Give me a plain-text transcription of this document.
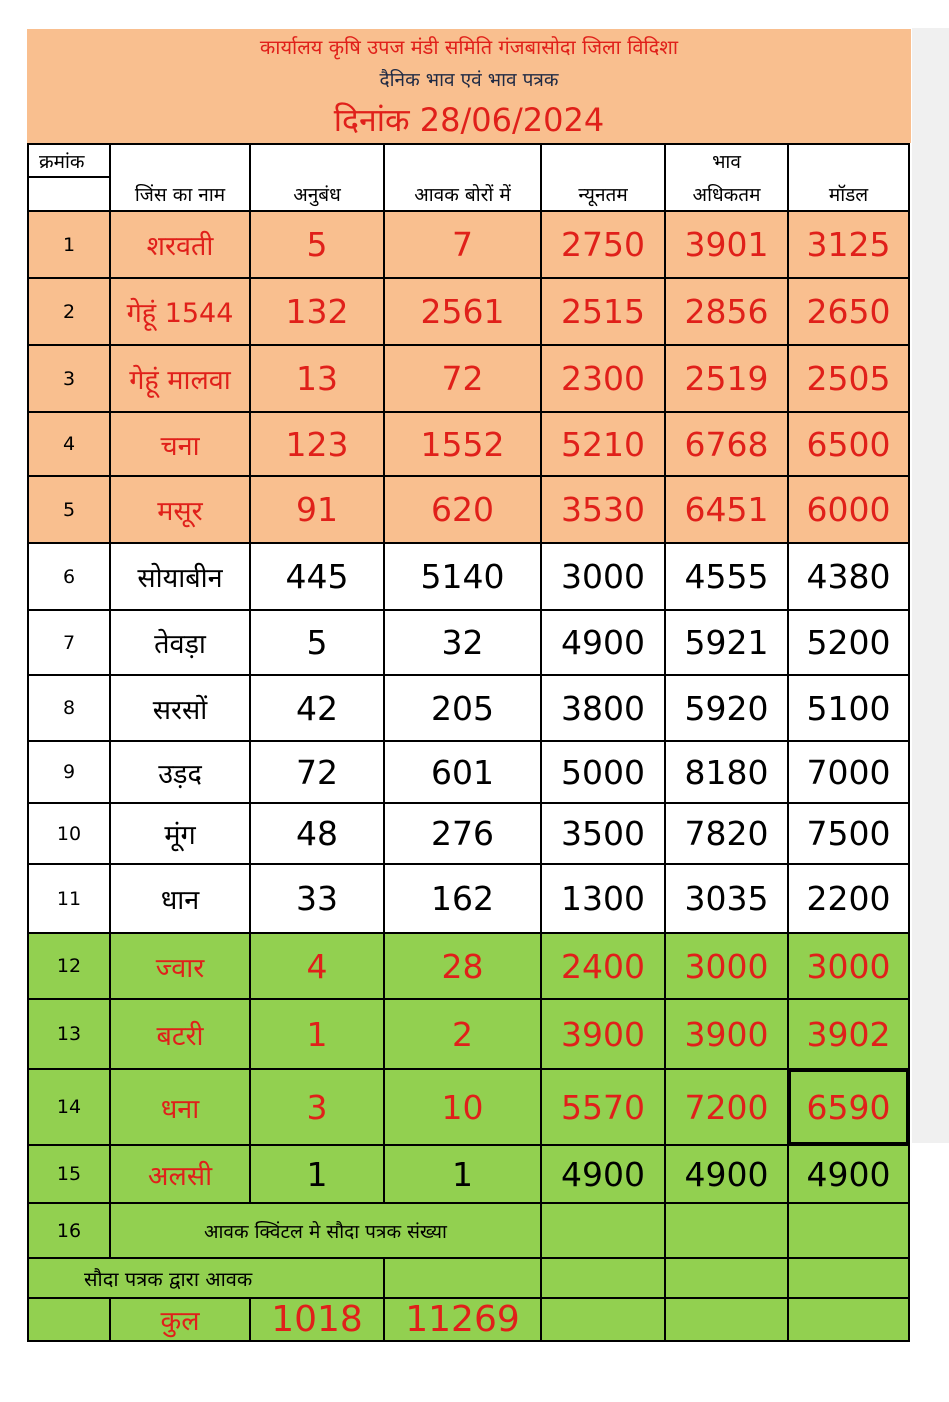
कार्यालय कृषि उपज मंडी समिति गंजबासोदा जिला विदिशा
दैनिक भाव एवं भाव पत्रक
दिनांक 28/06/2024
क्रमांक					भाव	
	जिंस का नाम	अनुबंध	आवक बोरों में	न्यूनतम	अधिकतम	मॉडल
1	शरवती	5	7	2750	3901	3125
2	गेहूं 1544	132	2561	2515	2856	2650
3	गेहूं मालवा	13	72	2300	2519	2505
4	चना	123	1552	5210	6768	6500
5	मसूर	91	620	3530	6451	6000
6	सोयाबीन	445	5140	3000	4555	4380
7	तेवड़ा	5	32	4900	5921	5200
8	सरसों	42	205	3800	5920	5100
9	उड़द	72	601	5000	8180	7000
10	मूंग	48	276	3500	7820	7500
11	धान	33	162	1300	3035	2200
12	ज्वार	4	28	2400	3000	3000
13	बटरी	1	2	3900	3900	3902
14	धना	3	10	5570	7200	6590
15	अलसी	1	1	4900	4900	4900
16	आवक क्विंटल मे सौदा पत्रक संख्या					
सौदा पत्रक द्वारा आवक						
	कुल	1018	11269			
